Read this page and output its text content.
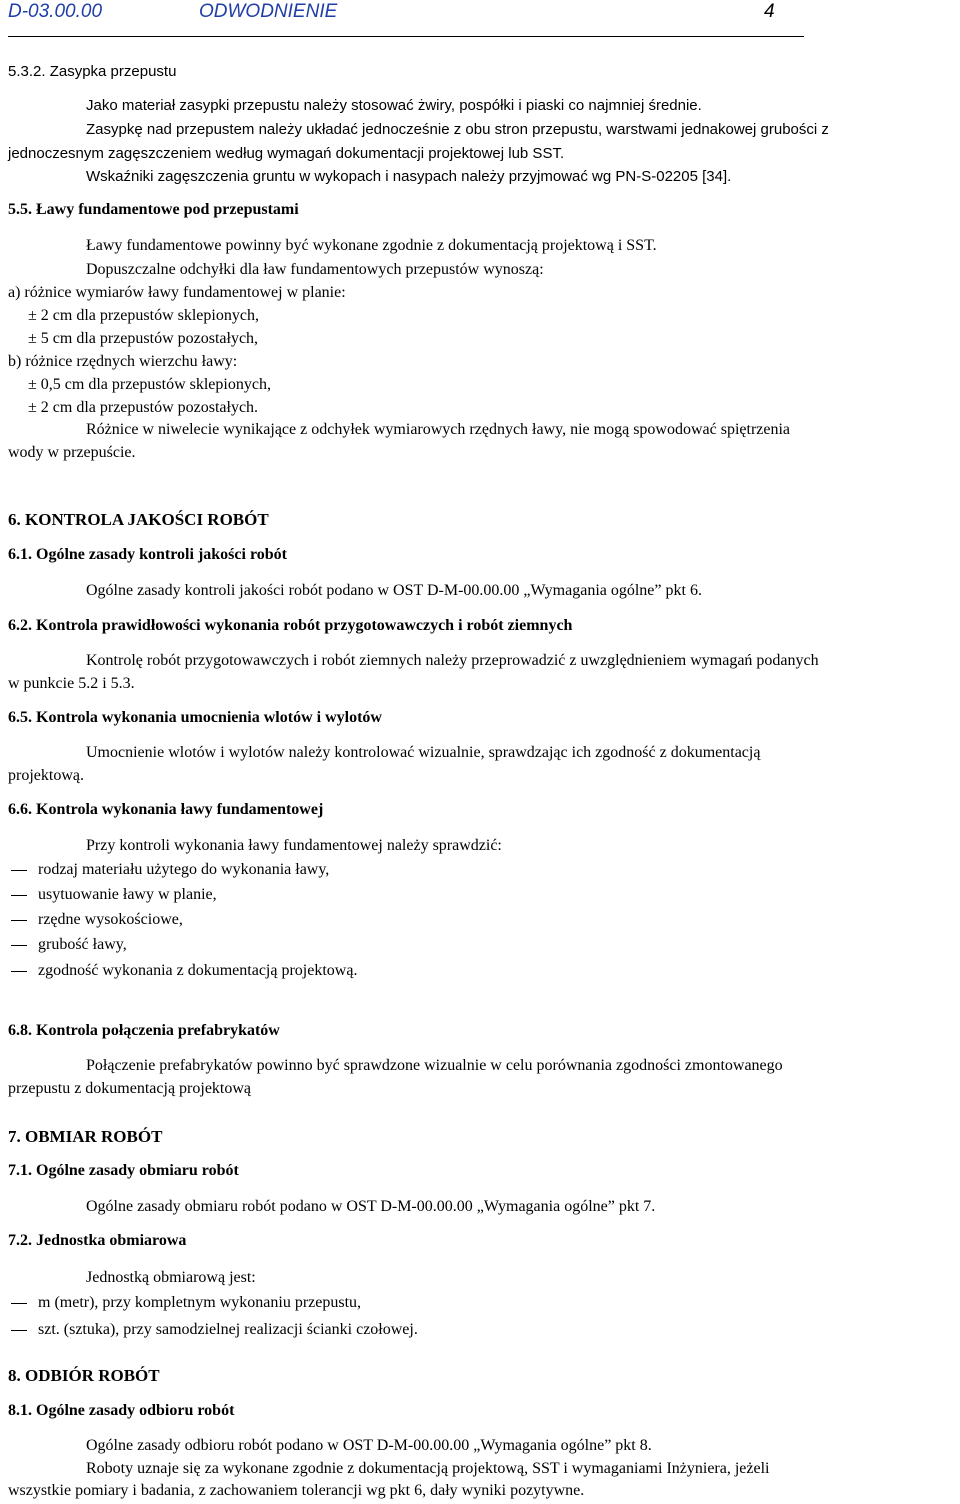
D-03.00.00	ODWODNIENIE	4
5.3.2. Zasypka przepustu
Jako materiał zasypki przepustu należy stosować żwiry, pospółki i piaski co najmniej średnie.
Zasypkę nad przepustem należy układać jednocześnie z obu stron przepustu, warstwami jednakowej grubości z
jednoczesnym zagęszczeniem według wymagań dokumentacji projektowej lub SST.
Wskaźniki zagęszczenia gruntu w wykopach i nasypach należy przyjmować wg PN-S-02205 [34].
5.5. Ławy fundamentowe pod przepustami
Ławy fundamentowe powinny być wykonane zgodnie z dokumentacją projektową i SST.
Dopuszczalne odchyłki dla ław fundamentowych przepustów wynoszą:
a) różnice wymiarów ławy fundamentowej w planie:
± 2 cm dla przepustów sklepionych,
± 5 cm dla przepustów pozostałych,
b) różnice rzędnych wierzchu ławy:
± 0,5 cm dla przepustów sklepionych,
± 2 cm dla przepustów pozostałych.
Różnice w niwelecie wynikające z odchyłek wymiarowych rzędnych ławy, nie mogą spowodować spiętrzenia
wody w przepuście.
6. KONTROLA JAKOŚCI ROBÓT
6.1. Ogólne zasady kontroli jakości robót
Ogólne zasady kontroli jakości robót podano w OST D-M-00.00.00 „Wymagania ogólne” pkt 6.
6.2. Kontrola prawidłowości wykonania robót przygotowawczych i robót ziemnych
Kontrolę robót przygotowawczych i robót ziemnych należy przeprowadzić z uwzględnieniem wymagań podanych
w punkcie 5.2 i 5.3.
6.5. Kontrola wykonania umocnienia wlotów i wylotów
Umocnienie wlotów i wylotów należy kontrolować wizualnie, sprawdzając ich zgodność z dokumentacją
projektową.
6.6. Kontrola wykonania ławy fundamentowej
Przy kontroli wykonania ławy fundamentowej należy sprawdzić:
rodzaj materiału użytego do wykonania ławy,
usytuowanie ławy w planie,
rzędne wysokościowe,
grubość ławy,
zgodność wykonania z dokumentacją projektową.
6.8. Kontrola połączenia prefabrykatów
Połączenie prefabrykatów powinno być sprawdzone wizualnie w celu porównania zgodności zmontowanego
przepustu z dokumentacją projektową
7. OBMIAR ROBÓT
7.1. Ogólne zasady obmiaru robót
Ogólne zasady obmiaru robót podano w OST D-M-00.00.00 „Wymagania ogólne” pkt 7.
7.2. Jednostka obmiarowa
Jednostką obmiarową jest:
m (metr), przy kompletnym wykonaniu przepustu,
szt. (sztuka), przy samodzielnej realizacji ścianki czołowej.
8. ODBIÓR ROBÓT
8.1. Ogólne zasady odbioru robót
Ogólne zasady odbioru robót podano w OST D-M-00.00.00 „Wymagania ogólne” pkt 8.
Roboty uznaje się za wykonane zgodnie z dokumentacją projektową, SST i wymaganiami Inżyniera, jeżeli
wszystkie pomiary i badania, z zachowaniem tolerancji wg pkt 6, dały wyniki pozytywne.
